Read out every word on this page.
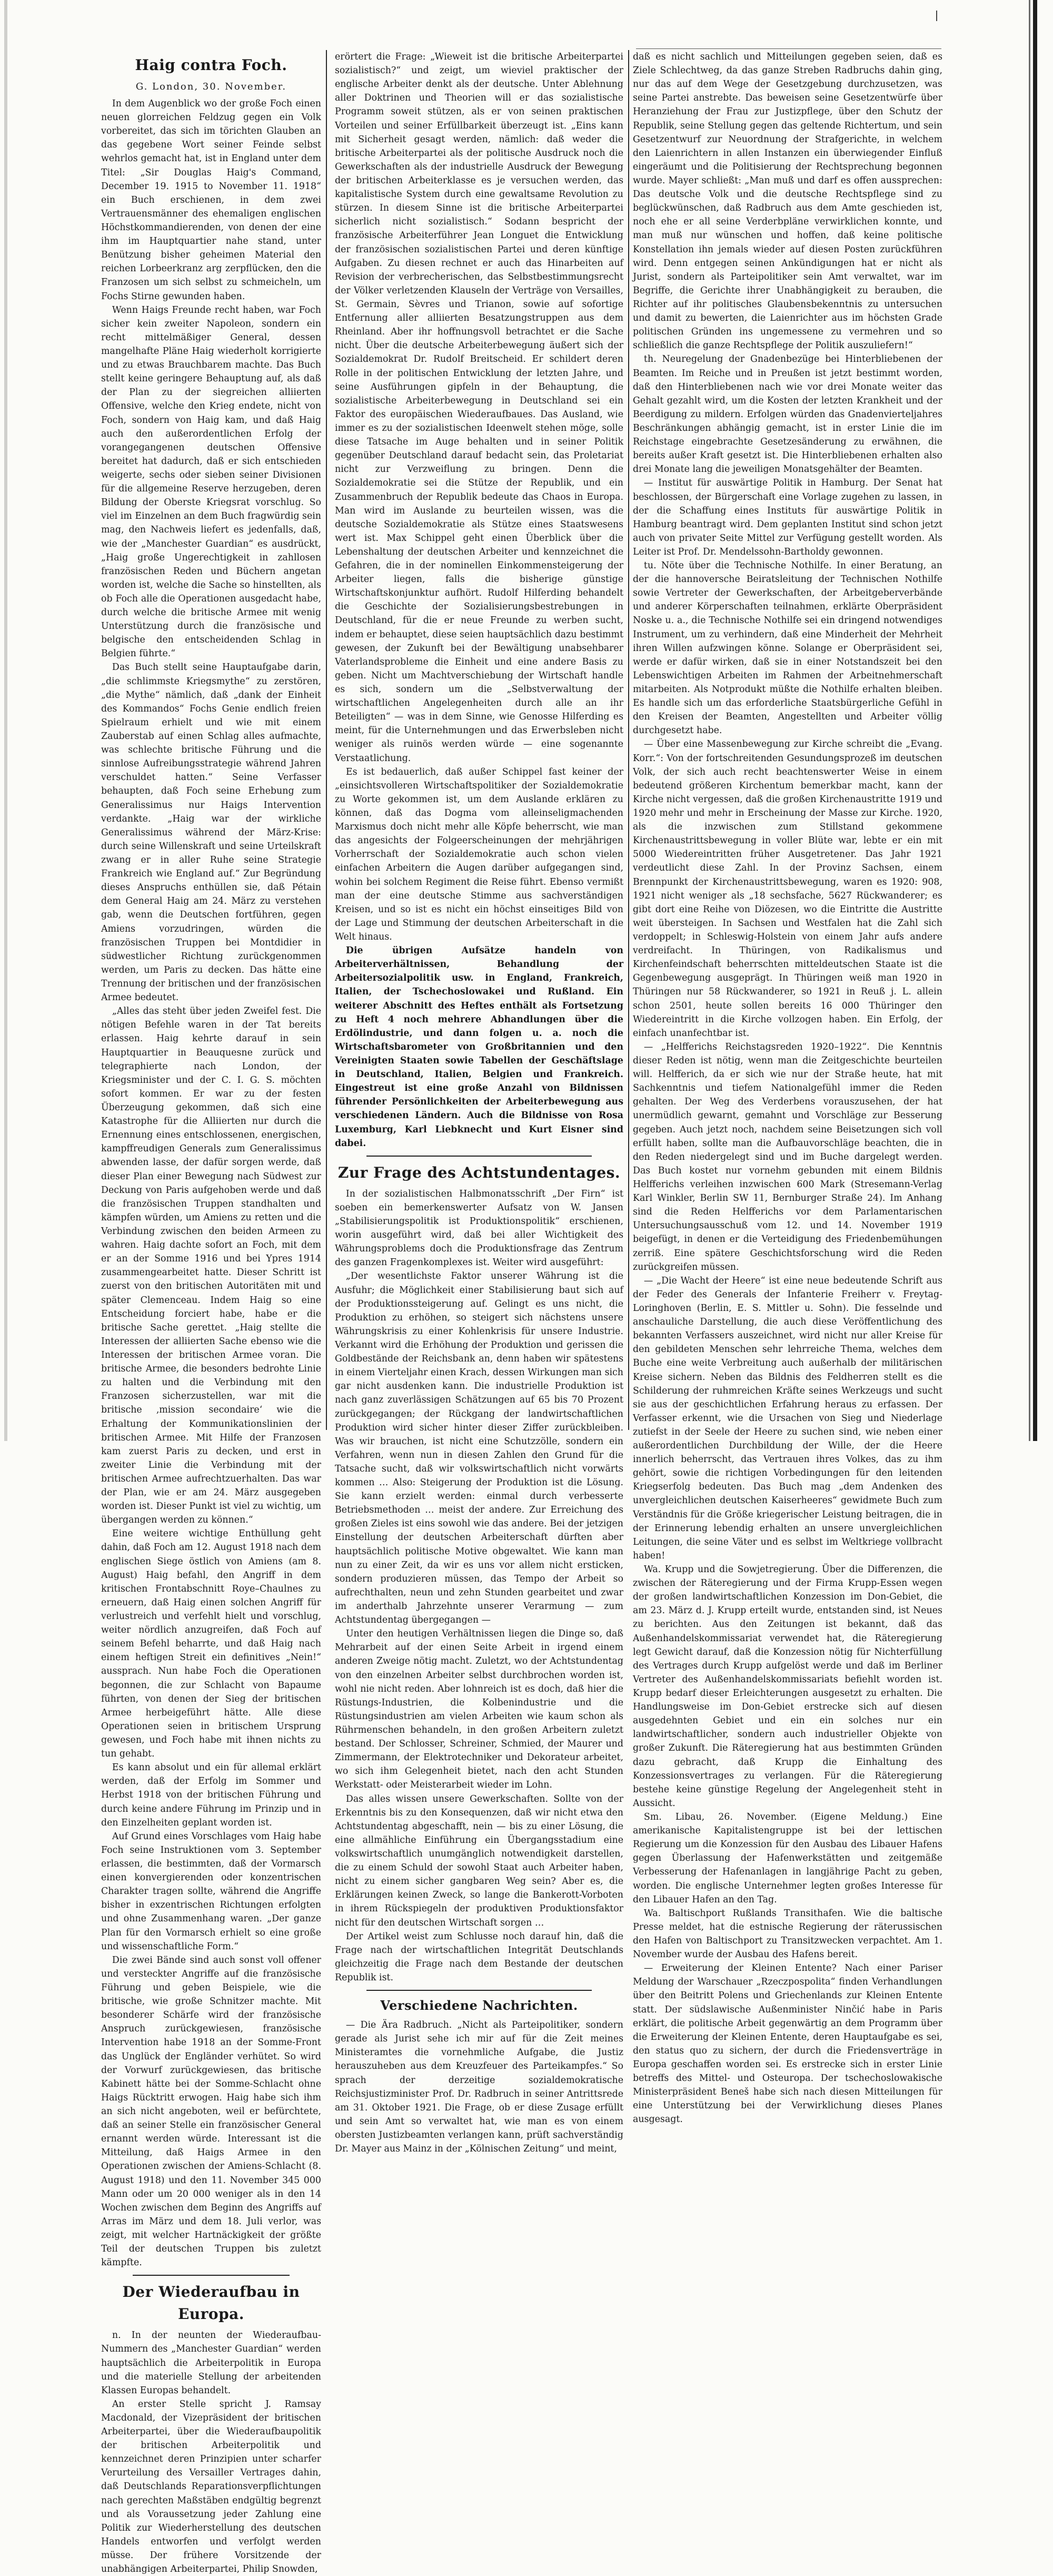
Haig contra Foch.
G. London, 30. November.

In dem Augenblick wo der große Foch einen neuen glorreichen Feldzug gegen ein Volk vorbereitet, das sich im törichten Glauben an das gegebene Wort seiner Feinde selbst wehrlos gemacht hat, ist in England unter dem Titel: „Sir Douglas Haig's Command, December 19. 1915 to November 11. 1918“ ein Buch erschienen, in dem zwei Vertrauensmänner des ehemaligen englischen Höchstkommandierenden, von denen der eine ihm im Hauptquartier nahe stand, unter Benützung bisher geheimen Material den reichen Lorbeerkranz arg zerpflücken, den die Franzosen um sich selbst zu schmeicheln, um Fochs Stirne gewunden haben.

Wenn Haigs Freunde recht haben, war Foch sicher kein zweiter Napoleon, sondern ein recht mittelmäßiger General, dessen mangelhafte Pläne Haig wiederholt korrigierte und zu etwas Brauchbarem machte. Das Buch stellt keine geringere Behauptung auf, als daß der Plan zu der siegreichen alliierten Offensive, welche den Krieg endete, nicht von Foch, sondern von Haig kam, und daß Haig auch den außerordentlichen Erfolg der vorangegangenen deutschen Offensive bereitet hat dadurch, daß er sich entschieden weigerte, sechs oder sieben seiner Divisionen für die allgemeine Reserve herzugeben, deren Bildung der Oberste Kriegsrat vorschlug. So viel im Einzelnen an dem Buch fragwürdig sein mag, den Nachweis liefert es jedenfalls, daß, wie der „Manchester Guardian“ es ausdrückt, „Haig große Ungerechtigkeit in zahllosen französischen Reden und Büchern angetan worden ist, welche die Sache so hinstellten, als ob Foch alle die Operationen ausgedacht habe, durch welche die britische Armee mit wenig Unterstützung durch die französische und belgische den entscheidenden Schlag in Belgien führte.“

Das Buch stellt seine Hauptaufgabe darin, „die schlimmste Kriegsmythe“ zu zerstören, „die Mythe“ nämlich, daß „dank der Einheit des Kommandos“ Fochs Genie endlich freien Spielraum erhielt und wie mit einem Zauberstab auf einen Schlag alles aufmachte, was schlechte britische Führung und die sinnlose Aufreibungsstrategie während Jahren verschuldet hatten.“ Seine Verfasser behaupten, daß Foch seine Erhebung zum Generalissimus nur Haigs Intervention verdankte. „Haig war der wirkliche Generalissimus während der März-Krise: durch seine Willenskraft und seine Urteilskraft zwang er in aller Ruhe seine Strategie Frankreich wie England auf.“ Zur Begründung dieses Anspruchs enthüllen sie, daß Pétain dem General Haig am 24. März zu verstehen gab, wenn die Deutschen fortführen, gegen Amiens vorzudringen, würden die französischen Truppen bei Montdidier in südwestlicher Richtung zurückgenommen werden, um Paris zu decken. Das hätte eine Trennung der britischen und der französischen Armee bedeutet.

„Alles das steht über jeden Zweifel fest. Die nötigen Befehle waren in der Tat bereits erlassen. Haig kehrte darauf in sein Hauptquartier in Beauquesne zurück und telegraphierte nach London, der Kriegsminister und der C. I. G. S. möchten sofort kommen. Er war zu der festen Überzeugung gekommen, daß sich eine Katastrophe für die Alliierten nur durch die Ernennung eines entschlossenen, energischen, kampffreudigen Generals zum Generalissimus abwenden lasse, der dafür sorgen werde, daß dieser Plan einer Bewegung nach Südwest zur Deckung von Paris aufgehoben werde und daß die französischen Truppen standhalten und kämpfen würden, um Amiens zu retten und die Verbindung zwischen den beiden Armeen zu wahren. Haig dachte sofort an Foch, mit dem er an der Somme 1916 und bei Ypres 1914 zusammengearbeitet hatte. Dieser Schritt ist zuerst von den britischen Autoritäten mit und später Clemenceau. Indem Haig so eine Entscheidung forciert habe, habe er die britische Sache gerettet. „Haig stellte die Interessen der alliierten Sache ebenso wie die Interessen der britischen Armee voran. Die britische Armee, die besonders bedrohte Linie zu halten und die Verbindung mit den Franzosen sicherzustellen, war mit die britische ‚mission secondaire‘ wie die Erhaltung der Kommunikationslinien der britischen Armee. Mit Hilfe der Franzosen kam zuerst Paris zu decken, und erst in zweiter Linie die Verbindung mit der britischen Armee aufrechtzuerhalten. Das war der Plan, wie er am 24. März ausgegeben worden ist. Dieser Punkt ist viel zu wichtig, um übergangen werden zu können.“

Eine weitere wichtige Enthüllung geht dahin, daß Foch am 12. August 1918 nach dem englischen Siege östlich von Amiens (am 8. August) Haig befahl, den Angriff in dem kritischen Frontabschnitt Roye–Chaulnes zu erneuern, daß Haig einen solchen Angriff für verlustreich und verfehlt hielt und vorschlug, weiter nördlich anzugreifen, daß Foch auf seinem Befehl beharrte, und daß Haig nach einem heftigen Streit ein definitives „Nein!“ aussprach. Nun habe Foch die Operationen begonnen, die zur Schlacht von Bapaume führten, von denen der Sieg der britischen Armee herbeigeführt hätte. Alle diese Operationen seien in britischem Ursprung gewesen, und Foch habe mit ihnen nichts zu tun gehabt.

Es kann absolut und ein für allemal erklärt werden, daß der Erfolg im Sommer und Herbst 1918 von der britischen Führung und durch keine andere Führung im Prinzip und in den Einzelheiten geplant worden ist.

Auf Grund eines Vorschlages vom Haig habe Foch seine Instruktionen vom 3. September erlassen, die bestimmten, daß der Vormarsch einen konvergierenden oder konzentrischen Charakter tragen sollte, während die Angriffe bisher in exzentrischen Richtungen erfolgten und ohne Zusammenhang waren. „Der ganze Plan für den Vormarsch erhielt so eine große und wissenschaftliche Form.“

Die zwei Bände sind auch sonst voll offener und versteckter Angriffe auf die französische Führung und geben Beispiele, wie die britische, wie große Schnitzer machte. Mit besonderer Schärfe wird der französische Anspruch zurückgewiesen, französische Intervention habe 1918 an der Somme-Front das Unglück der Engländer verhütet. So wird der Vorwurf zurückgewiesen, das britische Kabinett hätte bei der Somme-Schlacht ohne Haigs Rücktritt erwogen. Haig habe sich ihm an sich nicht angeboten, weil er befürchtete, daß an seiner Stelle ein französischer General ernannt werden würde. Interessant ist die Mitteilung, daß Haigs Armee in den Operationen zwischen der Amiens-Schlacht (8. August 1918) und den 11. November 345 000 Mann oder um 20 000 weniger als in den 14 Wochen zwischen dem Beginn des Angriffs auf Arras im März und dem 18. Juli verlor, was zeigt, mit welcher Hartnäckigkeit der größte Teil der deutschen Truppen bis zuletzt kämpfte.

Der Wiederaufbau in Europa.

n. In der neunten der Wiederaufbau-Nummern des „Manchester Guardian“ werden hauptsächlich die Arbeiterpolitik in Europa und die materielle Stellung der arbeitenden Klassen Europas behandelt.

An erster Stelle spricht J. Ramsay Macdonald, der Vizepräsident der britischen Arbeiterpartei, über die Wiederaufbaupolitik der britischen Arbeiterpolitik und kennzeichnet deren Prinzipien unter scharfer Verurteilung des Versailler Vertrages dahin, daß Deutschlands Reparationsverpflichtungen nach gerechten Maßstäben endgültig begrenzt und als Voraussetzung jeder Zahlung eine Politik zur Wiederherstellung des deutschen Handels entworfen und verfolgt werden müsse. Der frühere Vorsitzende der unabhängigen Arbeiterpartei, Philip Snowden,

erörtert die Frage: „Wieweit ist die britische Arbeiterpartei sozialistisch?“ und zeigt, um wieviel praktischer der englische Arbeiter denkt als der deutsche. Unter Ablehnung aller Doktrinen und Theorien will er das sozialistische Programm soweit stützen, als er von seinen praktischen Vorteilen und seiner Erfüllbarkeit überzeugt ist. „Eins kann mit Sicherheit gesagt werden, nämlich: daß weder die britische Arbeiterpartei als der politische Ausdruck noch die Gewerkschaften als der industrielle Ausdruck der Bewegung der britischen Arbeiterklasse es je versuchen werden, das kapitalistische System durch eine gewaltsame Revolution zu stürzen. In diesem Sinne ist die britische Arbeiterpartei sicherlich nicht sozialistisch.“ Sodann bespricht der französische Arbeiterführer Jean Longuet die Entwicklung der französischen sozialistischen Partei und deren künftige Aufgaben. Zu diesen rechnet er auch das Hinarbeiten auf Revision der verbrecherischen, das Selbstbestimmungsrecht der Völker verletzenden Klauseln der Verträge von Versailles, St. Germain, Sèvres und Trianon, sowie auf sofortige Entfernung aller alliierten Besatzungstruppen aus dem Rheinland. Aber ihr hoffnungsvoll betrachtet er die Sache nicht. Über die deutsche Arbeiterbewegung äußert sich der Sozialdemokrat Dr. Rudolf Breitscheid. Er schildert deren Rolle in der politischen Entwicklung der letzten Jahre, und seine Ausführungen gipfeln in der Behauptung, die sozialistische Arbeiterbewegung in Deutschland sei ein Faktor des europäischen Wiederaufbaues. Das Ausland, wie immer es zu der sozialistischen Ideenwelt stehen möge, solle diese Tatsache im Auge behalten und in seiner Politik gegenüber Deutschland darauf bedacht sein, das Proletariat nicht zur Verzweiflung zu bringen. Denn die Sozialdemokratie sei die Stütze der Republik, und ein Zusammenbruch der Republik bedeute das Chaos in Europa. Man wird im Auslande zu beurteilen wissen, was die deutsche Sozialdemokratie als Stütze eines Staatswesens wert ist. Max Schippel geht einen Überblick über die Lebenshaltung der deutschen Arbeiter und kennzeichnet die Gefahren, die in der nominellen Einkommensteigerung der Arbeiter liegen, falls die bisherige günstige Wirtschaftskonjunktur aufhört. Rudolf Hilferding behandelt die Geschichte der Sozialisierungsbestrebungen in Deutschland, für die er neue Freunde zu werben sucht, indem er behauptet, diese seien hauptsächlich dazu bestimmt gewesen, der Zukunft bei der Bewältigung unabsehbarer Vaterlandsprobleme die Einheit und eine andere Basis zu geben. Nicht um Machtverschiebung der Wirtschaft handle es sich, sondern um die „Selbstverwaltung der wirtschaftlichen Angelegenheiten durch alle an ihr Beteiligten“ — was in dem Sinne, wie Genosse Hilferding es meint, für die Unternehmungen und das Erwerbsleben nicht weniger als ruinös werden würde — eine sogenannte Verstaatlichung.

Es ist bedauerlich, daß außer Schippel fast keiner der „einsichtsvolleren Wirtschaftspolitiker der Sozialdemokratie zu Worte gekommen ist, um dem Auslande erklären zu können, daß das Dogma vom alleinseligmachenden Marxismus doch nicht mehr alle Köpfe beherrscht, wie man das angesichts der Folgeerscheinungen der mehrjährigen Vorherrschaft der Sozialdemokratie auch schon vielen einfachen Arbeitern die Augen darüber aufgegangen sind, wohin bei solchem Regiment die Reise führt. Ebenso vermißt man der eine deutsche Stimme aus sachverständigen Kreisen, und so ist es nicht ein höchst einseitiges Bild von der Lage und Stimmung der deutschen Arbeiterschaft in die Welt hinaus.

Die übrigen Aufsätze handeln von Arbeiterverhältnissen, Behandlung der Arbeitersozialpolitik usw. in England, Frankreich, Italien, der Tschechoslowakei und Rußland. Ein weiterer Abschnitt des Heftes enthält als Fortsetzung zu Heft 4 noch mehrere Abhandlungen über die Erdölindustrie, und dann folgen u. a. noch die Wirtschaftsbarometer von Großbritannien und den Vereinigten Staaten sowie Tabellen der Geschäftslage in Deutschland, Italien, Belgien und Frankreich. Eingestreut ist eine große Anzahl von Bildnissen führender Persönlichkeiten der Arbeiterbewegung aus verschiedenen Ländern. Auch die Bildnisse von Rosa Luxemburg, Karl Liebknecht und Kurt Eisner sind dabei.

Zur Frage des Achtstundentages.

In der sozialistischen Halbmonatsschrift „Der Firn“ ist soeben ein bemerkenswerter Aufsatz von W. Jansen „Stabilisierungspolitik ist Produktionspolitik“ erschienen, worin ausgeführt wird, daß bei aller Wichtigkeit des Währungsproblems doch die Produktionsfrage das Zentrum des ganzen Fragenkomplexes ist. Weiter wird ausgeführt:

„Der wesentlichste Faktor unserer Währung ist die Ausfuhr; die Möglichkeit einer Stabilisierung baut sich auf der Produktionssteigerung auf. Gelingt es uns nicht, die Produktion zu erhöhen, so steigert sich nächstens unsere Währungskrisis zu einer Kohlenkrisis für unsere Industrie. Verkannt wird die Erhöhung der Produktion und gerissen die Goldbestände der Reichsbank an, denn haben wir spätestens in einem Vierteljahr einen Krach, dessen Wirkungen man sich gar nicht ausdenken kann. Die industrielle Produktion ist nach ganz zuverlässigen Schätzungen auf 65 bis 70 Prozent zurückgegangen; der Rückgang der landwirtschaftlichen Produktion wird sicher hinter dieser Ziffer zurückbleiben. Was wir brauchen, ist nicht eine Schutzzölle, sondern ein Verfahren, wenn nun in diesen Zahlen den Grund für die Tatsache sucht, daß wir volkswirtschaftlich nicht vorwärts kommen … Also: Steigerung der Produktion ist die Lösung. Sie kann erzielt werden: einmal durch verbesserte Betriebsmethoden … meist der andere. Zur Erreichung des großen Zieles ist eins sowohl wie das andere. Bei der jetzigen Einstellung der deutschen Arbeiterschaft dürften aber hauptsächlich politische Motive obgewaltet. Wie kann man nun zu einer Zeit, da wir es uns vor allem nicht ersticken, sondern produzieren müssen, das Tempo der Arbeit so aufrechthalten, neun und zehn Stunden gearbeitet und zwar im anderthalb Jahrzehnte unserer Verarmung — zum Achtstundentag übergegangen —

Unter den heutigen Verhältnissen liegen die Dinge so, daß Mehrarbeit auf der einen Seite Arbeit in irgend einem anderen Zweige nötig macht. Zuletzt, wo der Achtstundentag von den einzelnen Arbeiter selbst durchbrochen worden ist, wohl nie nicht reden. Aber lohnreich ist es doch, daß hier die Rüstungs-Industrien, die Kolbenindustrie und die Rüstungsindustrien am vielen Arbeiten wie kaum schon als Rührmenschen behandeln, in den großen Arbeitern zuletzt bestand. Der Schlosser, Schreiner, Schmied, der Maurer und Zimmermann, der Elektrotechniker und Dekorateur arbeitet, wo sich ihm Gelegenheit bietet, nach den acht Stunden Werkstatt- oder Meisterarbeit wieder im Lohn.

Das alles wissen unsere Gewerkschaften. Sollte von der Erkenntnis bis zu den Konsequenzen, daß wir nicht etwa den Achtstundentag abgeschafft, nein — bis zu einer Lösung, die eine allmähliche Einführung ein Übergangsstadium eine volkswirtschaftlich unumgänglich notwendigkeit darstellen, die zu einem Schuld der sowohl Staat auch Arbeiter haben, nicht zu einem sicher gangbaren Weg sein? Aber es, die Erklärungen keinen Zweck, so lange die Bankerott-Vorboten in ihrem Rückspiegeln der produktiven Produktionsfaktor nicht für den deutschen Wirtschaft sorgen …

Der Artikel weist zum Schlusse noch darauf hin, daß die Frage nach der wirtschaftlichen Integrität Deutschlands gleichzeitig die Frage nach dem Bestande der deutschen Republik ist.

Verschiedene Nachrichten.

— Die Ära Radbruch. „Nicht als Parteipolitiker, sondern gerade als Jurist sehe ich mir auf für die Zeit meines Ministeramtes die vornehmliche Aufgabe, die Justiz herauszuheben aus dem Kreuzfeuer des Parteikampfes.“ So sprach der derzeitige sozialdemokratische Reichsjustizminister Prof. Dr. Radbruch in seiner Antrittsrede am 31. Oktober 1921. Die Frage, ob er diese Zusage erfüllt und sein Amt so verwaltet hat, wie man es von einem obersten Justizbeamten verlangen kann, prüft sachverständig Dr. Mayer aus Mainz in der „Kölnischen Zeitung“ und meint,

daß es nicht sachlich und Mitteilungen gegeben seien, daß es Ziele Schlechtweg, da das ganze Streben Radbruchs dahin ging, nur das auf dem Wege der Gesetzgebung durchzusetzen, was seine Partei anstrebte. Das beweisen seine Gesetzentwürfe über Heranziehung der Frau zur Justizpflege, über den Schutz der Republik, seine Stellung gegen das geltende Richtertum, und sein Gesetzentwurf zur Neuordnung der Strafgerichte, in welchem den Laienrichtern in allen Instanzen ein überwiegender Einfluß eingeräumt und die Politisierung der Rechtsprechung begonnen wurde. Mayer schließt: „Man muß und darf es offen aussprechen: Das deutsche Volk und die deutsche Rechtspflege sind zu beglückwünschen, daß Radbruch aus dem Amte geschieden ist, noch ehe er all seine Verderbpläne verwirklichen konnte, und man muß nur wünschen und hoffen, daß keine politische Konstellation ihn jemals wieder auf diesen Posten zurückführen wird. Denn entgegen seinen Ankündigungen hat er nicht als Jurist, sondern als Parteipolitiker sein Amt verwaltet, war im Begriffe, die Gerichte ihrer Unabhängigkeit zu berauben, die Richter auf ihr politisches Glaubensbekenntnis zu untersuchen und damit zu bewerten, die Laienrichter aus im höchsten Grade politischen Gründen ins ungemessene zu vermehren und so schließlich die ganze Rechtspflege der Politik auszuliefern!“

th. Neuregelung der Gnadenbezüge bei Hinterbliebenen der Beamten. Im Reiche und in Preußen ist jetzt bestimmt worden, daß den Hinterbliebenen nach wie vor drei Monate weiter das Gehalt gezahlt wird, um die Kosten der letzten Krankheit und der Beerdigung zu mildern. Erfolgen würden das Gnadenvierteljahres Beschränkungen abhängig gemacht, ist in erster Linie die im Reichstage eingebrachte Gesetzesänderung zu erwähnen, die bereits außer Kraft gesetzt ist. Die Hinterbliebenen erhalten also drei Monate lang die jeweiligen Monatsgehälter der Beamten.

— Institut für auswärtige Politik in Hamburg. Der Senat hat beschlossen, der Bürgerschaft eine Vorlage zugehen zu lassen, in der die Schaffung eines Instituts für auswärtige Politik in Hamburg beantragt wird. Dem geplanten Institut sind schon jetzt auch von privater Seite Mittel zur Verfügung gestellt worden. Als Leiter ist Prof. Dr. Mendelssohn-Bartholdy gewonnen.

tu. Nöte über die Technische Nothilfe. In einer Beratung, an der die hannoversche Beiratsleitung der Technischen Nothilfe sowie Vertreter der Gewerkschaften, der Arbeitgeberverbände und anderer Körperschaften teilnahmen, erklärte Oberpräsident Noske u. a., die Technische Nothilfe sei ein dringend notwendiges Instrument, um zu verhindern, daß eine Minderheit der Mehrheit ihren Willen aufzwingen könne. Solange er Oberpräsident sei, werde er dafür wirken, daß sie in einer Notstandszeit bei den Lebenswichtigen Arbeiten im Rahmen der Arbeitnehmerschaft mitarbeiten. Als Notprodukt müßte die Nothilfe erhalten bleiben. Es handle sich um das erforderliche Staatsbürgerliche Gefühl in den Kreisen der Beamten, Angestellten und Arbeiter völlig durchgesetzt habe.

— Über eine Massenbewegung zur Kirche schreibt die „Evang. Korr.“: Von der fortschreitenden Gesundungsprozeß im deutschen Volk, der sich auch recht beachtenswerter Weise in einem bedeutend größeren Kirchentum bemerkbar macht, kann der Kirche nicht vergessen, daß die großen Kirchenaustritte 1919 und 1920 mehr und mehr in Erscheinung der Masse zur Kirche. 1920, als die inzwischen zum Stillstand gekommene Kirchenaustrittsbewegung in voller Blüte war, lebte er ein mit 5000 Wiedereintritten früher Ausgetretener. Das Jahr 1921 verdeutlicht diese Zahl. In der Provinz Sachsen, einem Brennpunkt der Kirchenaustrittsbewegung, waren es 1920: 908, 1921 nicht weniger als „18 sechsfache, 5627 Rückwanderer; es gibt dort eine Reihe von Diözesen, wo die Eintritte die Austritte weit übersteigen. In Sachsen und Westfalen hat die Zahl sich verdoppelt; in Schleswig-Holstein von einem Jahr aufs andere verdreifacht. In Thüringen, von Radikalismus und Kirchenfeindschaft beherrschten mitteldeutschen Staate ist die Gegenbewegung ausgeprägt. In Thüringen weiß man 1920 in Thüringen nur 58 Rückwanderer, so 1921 in Reuß j. L. allein schon 2501, heute sollen bereits 16 000 Thüringer den Wiedereintritt in die Kirche vollzogen haben. Ein Erfolg, der einfach unanfechtbar ist.

— „Helfferichs Reichstagsreden 1920–1922“. Die Kenntnis dieser Reden ist nötig, wenn man die Zeitgeschichte beurteilen will. Helfferich, da er sich wie nur der Straße heute, hat mit Sachkenntnis und tiefem Nationalgefühl immer die Reden gehalten. Der Weg des Verderbens vorauszusehen, der hat unermüdlich gewarnt, gemahnt und Vorschläge zur Besserung gegeben. Auch jetzt noch, nachdem seine Beisetzungen sich voll erfüllt haben, sollte man die Aufbauvorschläge beachten, die in den Reden niedergelegt sind und im Buche dargelegt werden. Das Buch kostet nur vornehm gebunden mit einem Bildnis Helfferichs verleihen inzwischen 600 Mark (Stresemann-Verlag Karl Winkler, Berlin SW 11, Bernburger Straße 24). Im Anhang sind die Reden Helfferichs vor dem Parlamentarischen Untersuchungsausschuß vom 12. und 14. November 1919 beigefügt, in denen er die Verteidigung des Friedenbemühungen zerriß. Eine spätere Geschichtsforschung wird die Reden zurückgreifen müssen.

— „Die Wacht der Heere“ ist eine neue bedeutende Schrift aus der Feder des Generals der Infanterie Freiherr v. Freytag-Loringhoven (Berlin, E. S. Mittler u. Sohn). Die fesselnde und anschauliche Darstellung, die auch diese Veröffentlichung des bekannten Verfassers auszeichnet, wird nicht nur aller Kreise für den gebildeten Menschen sehr lehrreiche Thema, welches dem Buche eine weite Verbreitung auch außerhalb der militärischen Kreise sichern. Neben das Bildnis des Feldherren stellt es die Schilderung der ruhmreichen Kräfte seines Werkzeugs und sucht sie aus der geschichtlichen Erfahrung heraus zu erfassen. Der Verfasser erkennt, wie die Ursachen von Sieg und Niederlage zutiefst in der Seele der Heere zu suchen sind, wie neben einer außerordentlichen Durchbildung der Wille, der die Heere innerlich beherrscht, das Vertrauen ihres Volkes, das zu ihm gehört, sowie die richtigen Vorbedingungen für den leitenden Kriegserfolg bedeuten. Das Buch mag „dem Andenken des unvergleichlichen deutschen Kaiserheeres“ gewidmete Buch zum Verständnis für die Größe kriegerischer Leistung beitragen, die in der Erinnerung lebendig erhalten an unsere unvergleichlichen Leitungen, die seine Väter und es selbst im Weltkriege vollbracht haben!

Wa. Krupp und die Sowjetregierung. Über die Differenzen, die zwischen der Räteregierung und der Firma Krupp-Essen wegen der großen landwirtschaftlichen Konzession im Don-Gebiet, die am 23. März d. J. Krupp erteilt wurde, entstanden sind, ist Neues zu berichten. Aus den Zeitungen ist bekannt, daß das Außenhandelskommissariat verwendet hat, die Räteregierung legt Gewicht darauf, daß die Konzession nötig für Nichterfüllung des Vertrages durch Krupp aufgelöst werde und daß im Berliner Vertreter des Außenhandelskommissariats befiehlt worden ist. Krupp bedarf dieser Erleichterungen ausgesetzt zu erhalten. Die Handlungsweise im Don-Gebiet erstrecke sich auf diesen ausgedehnten Gebiet und ein ein solches nur ein landwirtschaftlicher, sondern auch industrieller Objekte von großer Zukunft. Die Räteregierung hat aus bestimmten Gründen dazu gebracht, daß Krupp die Einhaltung des Konzessionsvertrages zu verlangen. Für die Räteregierung bestehe keine günstige Regelung der Angelegenheit steht in Aussicht.

Sm. Libau, 26. November. (Eigene Meldung.) Eine amerikanische Kapitalistengruppe ist bei der lettischen Regierung um die Konzession für den Ausbau des Libauer Hafens gegen Überlassung der Hafenwerkstätten und zeitgemäße Verbesserung der Hafenanlagen in langjährige Pacht zu geben, worden. Die englische Unternehmer legten großes Interesse für den Libauer Hafen an den Tag.

Wa. Baltischport Rußlands Transithafen. Wie die baltische Presse meldet, hat die estnische Regierung der räterussischen den Hafen von Baltischport zu Transitzwecken verpachtet. Am 1. November wurde der Ausbau des Hafens bereit.

— Erweiterung der Kleinen Entente? Nach einer Pariser Meldung der Warschauer „Rzeczpospolita“ finden Verhandlungen über den Beitritt Polens und Griechenlands zur Kleinen Entente statt. Der südslawische Außenminister Ninčić habe in Paris erklärt, die politische Arbeit gegenwärtig an dem Programm über die Erweiterung der Kleinen Entente, deren Hauptaufgabe es sei, den status quo zu sichern, der durch die Friedensverträge in Europa geschaffen worden sei. Es erstrecke sich in erster Linie betreffs des Mittel- und Osteuropa. Der tschechoslowakische Ministerpräsident Beneš habe sich nach diesen Mitteilungen für eine Unterstützung bei der Verwirklichung dieses Planes ausgesagt.
